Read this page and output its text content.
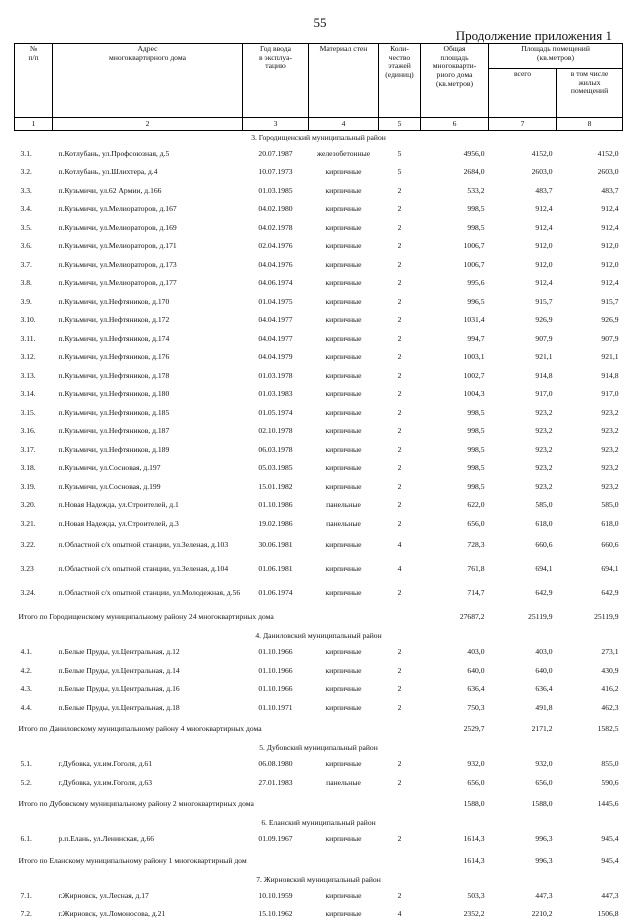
55
Продолжение приложения 1
№
п/п	Адрес
многоквартирного дома	Год ввода
в эксплуа-
тацию	Материал стен	Коли-
чество
этажей
(единиц)	Общая
площадь
многокварти-
рного дома
(кв.метров)	Площадь помещений
(кв.метров)	
						всего	в том числе
жилых
помещений
1	2	3	4	5	6	7	8
3. Городищенский муниципальный район							
3.1.	п.Котлубань, ул.Профсоюзная, д.5	20.07.1987	железобетонные	5	4956,0	4152,0	4152,0
3.2.	п.Котлубань, ул.Шлихтера, д.4	10.07.1973	кирпичные	5	2684,0	2603,0	2603,0
3.3.	п.Кузьмичи, ул.62 Армии, д.166	01.03.1985	кирпичные	2	533,2	483,7	483,7
3.4.	п.Кузьмичи, ул.Мелиораторов, д.167	04.02.1980	кирпичные	2	998,5	912,4	912,4
3.5.	п.Кузьмичи, ул.Мелиораторов, д.169	04.02.1978	кирпичные	2	998,5	912,4	912,4
3.6.	п.Кузьмичи, ул.Мелиораторов, д.171	02.04.1976	кирпичные	2	1006,7	912,0	912,0
3.7.	п.Кузьмичи, ул.Мелиораторов, д.173	04.04.1976	кирпичные	2	1006,7	912,0	912,0
3.8.	п.Кузьмичи, ул.Мелиораторов, д.177	04.06.1974	кирпичные	2	995,6	912,4	912,4
3.9.	п.Кузьмичи, ул.Нефтяников, д.170	01.04.1975	кирпичные	2	996,5	915,7	915,7
3.10.	п.Кузьмичи, ул.Нефтяников, д.172	04.04.1977	кирпичные	2	1031,4	926,9	926,9
3.11.	п.Кузьмичи, ул.Нефтяников, д.174	04.04.1977	кирпичные	2	994,7	907,9	907,9
3.12.	п.Кузьмичи, ул.Нефтяников, д.176	04.04.1979	кирпичные	2	1003,1	921,1	921,1
3.13.	п.Кузьмичи, ул.Нефтяников, д.178	01.03.1978	кирпичные	2	1002,7	914,8	914,8
3.14.	п.Кузьмичи, ул.Нефтяников, д.180	01.03.1983	кирпичные	2	1004,3	917,0	917,0
3.15.	п.Кузьмичи, ул.Нефтяников, д.185	01.05.1974	кирпичные	2	998,5	923,2	923,2
3.16.	п.Кузьмичи, ул.Нефтяников, д.187	02.10.1978	кирпичные	2	998,5	923,2	923,2
3.17.	п.Кузьмичи, ул.Нефтяников, д.189	06.03.1978	кирпичные	2	998,5	923,2	923,2
3.18.	п.Кузьмичи, ул.Сосновая, д.197	05.03.1985	кирпичные	2	998,5	923,2	923,2
3.19.	п.Кузьмичи, ул.Сосновая, д.199	15.01.1982	кирпичные	2	998,5	923,2	923,2
3.20.	п.Новая Надежда, ул.Строителей, д.1	01.10.1986	панельные	2	622,0	585,0	585,0
3.21.	п.Новая Надежда, ул.Строителей, д.3	19.02.1986	панельные	2	656,0	618,0	618,0
3.22.	п.Областной с/х опытной станции, ул.Зеленая, д.103	30.06.1981	кирпичные	4	728,3	660,6	660,6
3.23	п.Областной с/х опытной станции, ул.Зеленая, д.104	01.06.1981	кирпичные	4	761,8	694,1	694,1
3.24.	п.Областной с/х опытной станции, ул.Молодежная, д.56	01.06.1974	кирпичные	2	714,7	642,9	642,9
Итого по Городищенскому муниципальному району 24 многоквартирных дома					27687,2	25119,9	25119,9
4. Даниловский муниципальный район							
4.1.	п.Белые Пруды, ул.Центральная, д.12	01.10.1966	кирпичные	2	403,0	403,0	273,1
4.2.	п.Белые Пруды, ул.Центральная, д.14	01.10.1966	кирпичные	2	640,0	640,0	430,9
4.3.	п.Белые Пруды, ул.Центральная, д.16	01.10.1966	кирпичные	2	636,4	636,4	416,2
4.4.	п.Белые Пруды, ул.Центральная, д.18	01.10.1971	кирпичные	2	750,3	491,8	462,3
Итого по Даниловскому муниципальному району 4 многоквартирных дома					2529,7	2171,2	1582,5
5. Дубовский муниципальный район							
5.1.	г.Дубовка, ул.им.Гоголя, д.61	06.08.1980	кирпичные	2	932,0	932,0	855,0
5.2.	г.Дубовка, ул.им.Гоголя, д.63	27.01.1983	панельные	2	656,0	656,0	590,6
Итого по Дубовскому муниципальному району 2 многоквартирных дома					1588,0	1588,0	1445,6
6. Еланский муниципальный район							
6.1.	р.п.Елань, ул.Ленинская, д.66	01.09.1967	кирпичные	2	1614,3	996,3	945,4
Итого по Еланскому муниципальному району 1 многоквартирный дом					1614,3	996,3	945,4
7. Жирновский муниципальный район							
7.1.	г.Жирновск, ул.Лесная, д.17	10.10.1959	кирпичные	2	503,3	447,3	447,3
7.2.	г.Жирновск, ул.Ломоносова, д.21	15.10.1962	кирпичные	4	2352,2	2210,2	1506,8
